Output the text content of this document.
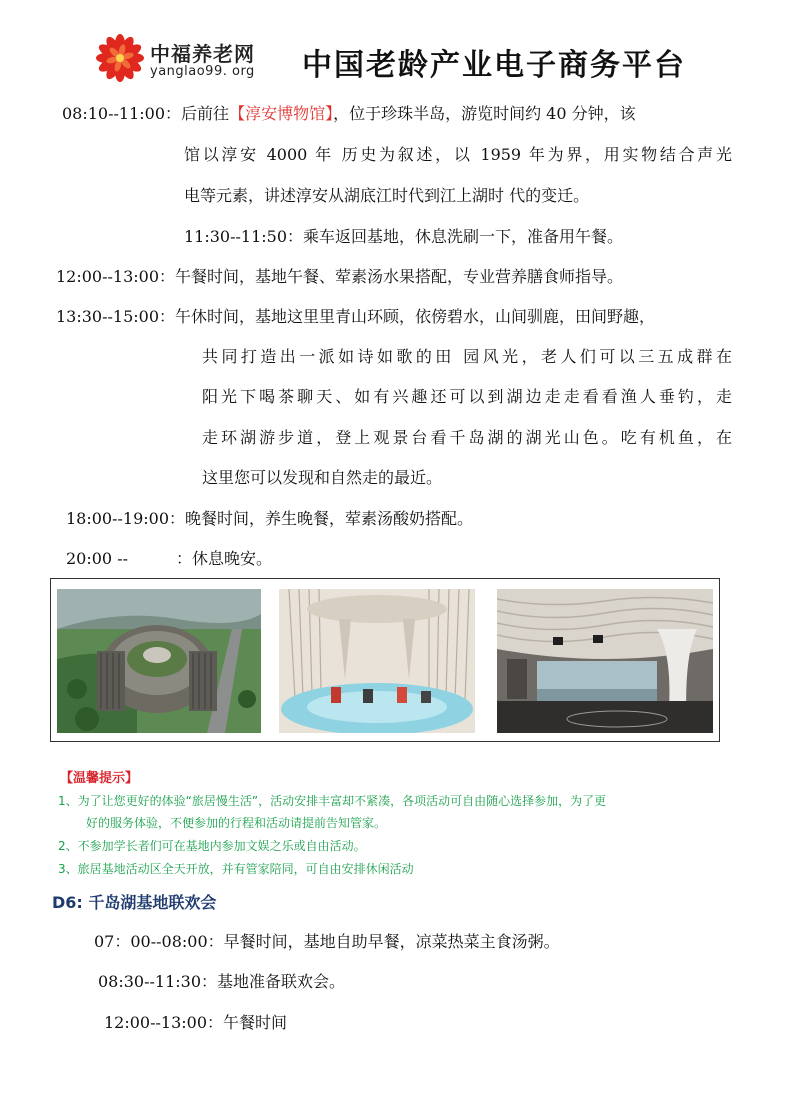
中福养老网
yanglao99. org 中国老龄产业电子商务平台
08:10--11:00：后前往【淳安博物馆】，位于珍珠半岛，游览时间约 40 分钟，该
馆以淳安 4000 年 历史为叙述，以 1959 年为界，用实物结合声光
电等元素，讲述淳安从湖底江时代到江上湖时 代的变迁。
11:30--11:50：乘车返回基地，休息洗刷一下，准备用午餐。
12:00--13:00：午餐时间，基地午餐、荤素汤水果搭配，专业营养膳食师指导。
13:30--15:00：午休时间，基地这里里青山环顾，依傍碧水，山间驯鹿，田间野趣，
共同打造出一派如诗如歌的田 园风光，老人们可以三五成群在
阳光下喝茶聊天、如有兴趣还可以到湖边走走看看渔人垂钓，走
走环湖游步道，登上观景台看千岛湖的湖光山色。吃有机鱼，在
这里您可以发现和自然走的最近。
18:00--19:00：晚餐时间，养生晚餐，荤素汤酸奶搭配。
20:00 --	：休息晚安。
【温馨提示】
1、为了让您更好的体验“旅居慢生活”，活动安排丰富却不紧凑，各项活动可自由随心选择参加，为了更
好的服务体验，不便参加的行程和活动请提前告知管家。
2、不参加学长者们可在基地内参加文娱之乐或自由活动。
3、旅居基地活动区全天开放，并有管家陪同，可自由安排休闲活动
D6: 千岛湖基地联欢会
07：00--08:00：早餐时间，基地自助早餐，凉菜热菜主食汤粥。
08:30--11:30：基地准备联欢会。
12:00--13:00：午餐时间
